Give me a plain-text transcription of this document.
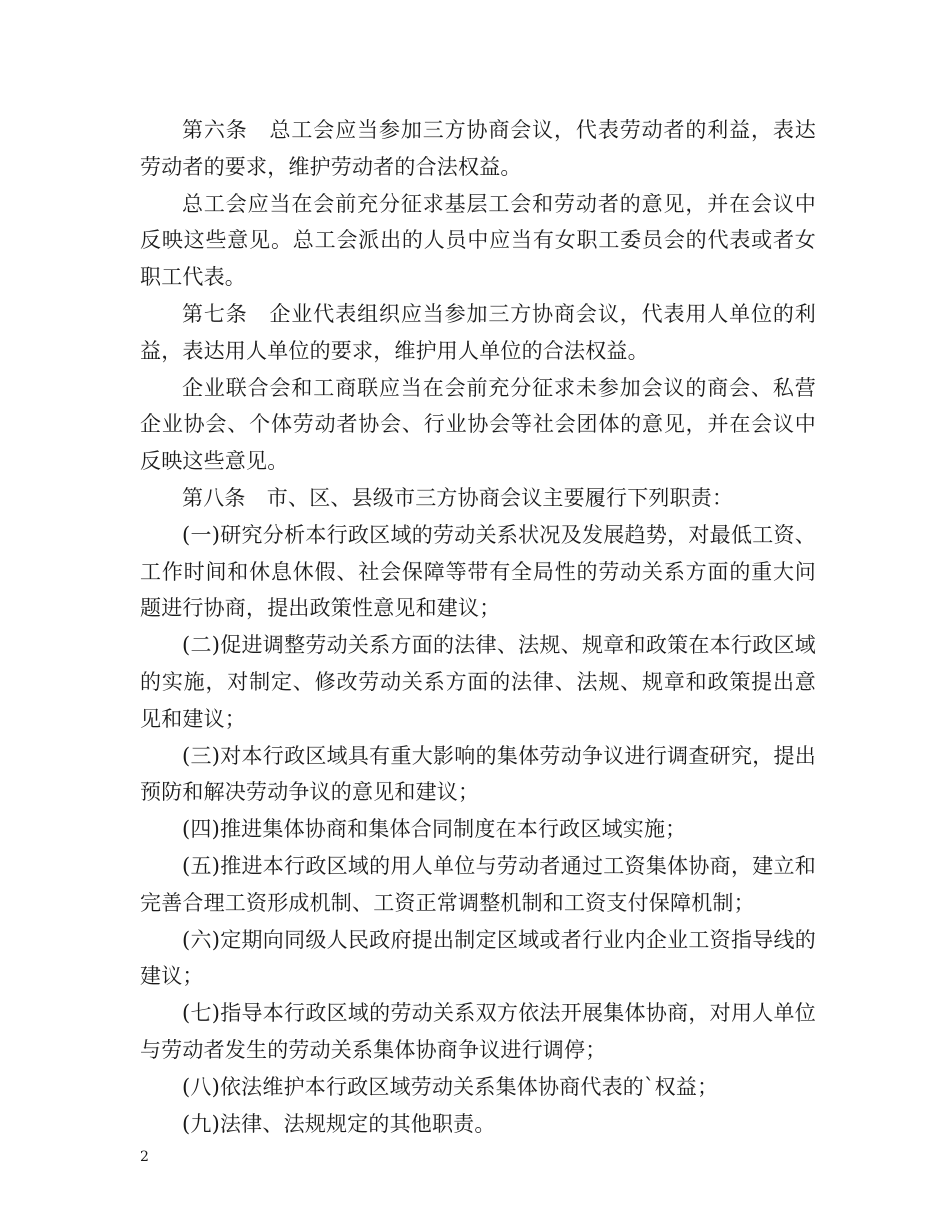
第六条　总工会应当参加三方协商会议，代表劳动者的利益，表达劳动者的要求，维护劳动者的合法权益。

总工会应当在会前充分征求基层工会和劳动者的意见，并在会议中反映这些意见。总工会派出的人员中应当有女职工委员会的代表或者女职工代表。

第七条　企业代表组织应当参加三方协商会议，代表用人单位的利益，表达用人单位的要求，维护用人单位的合法权益。

企业联合会和工商联应当在会前充分征求未参加会议的商会、私营企业协会、个体劳动者协会、行业协会等社会团体的意见，并在会议中反映这些意见。

第八条　市、区、县级市三方协商会议主要履行下列职责：

(一)研究分析本行政区域的劳动关系状况及发展趋势，对最低工资、工作时间和休息休假、社会保障等带有全局性的劳动关系方面的重大问题进行协商，提出政策性意见和建议；

(二)促进调整劳动关系方面的法律、法规、规章和政策在本行政区域的实施，对制定、修改劳动关系方面的法律、法规、规章和政策提出意见和建议；

(三)对本行政区域具有重大影响的集体劳动争议进行调查研究，提出预防和解决劳动争议的意见和建议；

(四)推进集体协商和集体合同制度在本行政区域实施；

(五)推进本行政区域的用人单位与劳动者通过工资集体协商，建立和完善合理工资形成机制、工资正常调整机制和工资支付保障机制；

(六)定期向同级人民政府提出制定区域或者行业内企业工资指导线的建议；

(七)指导本行政区域的劳动关系双方依法开展集体协商，对用人单位与劳动者发生的劳动关系集体协商争议进行调停；

(八)依法维护本行政区域劳动关系集体协商代表的`权益；

(九)法律、法规规定的其他职责。

2
